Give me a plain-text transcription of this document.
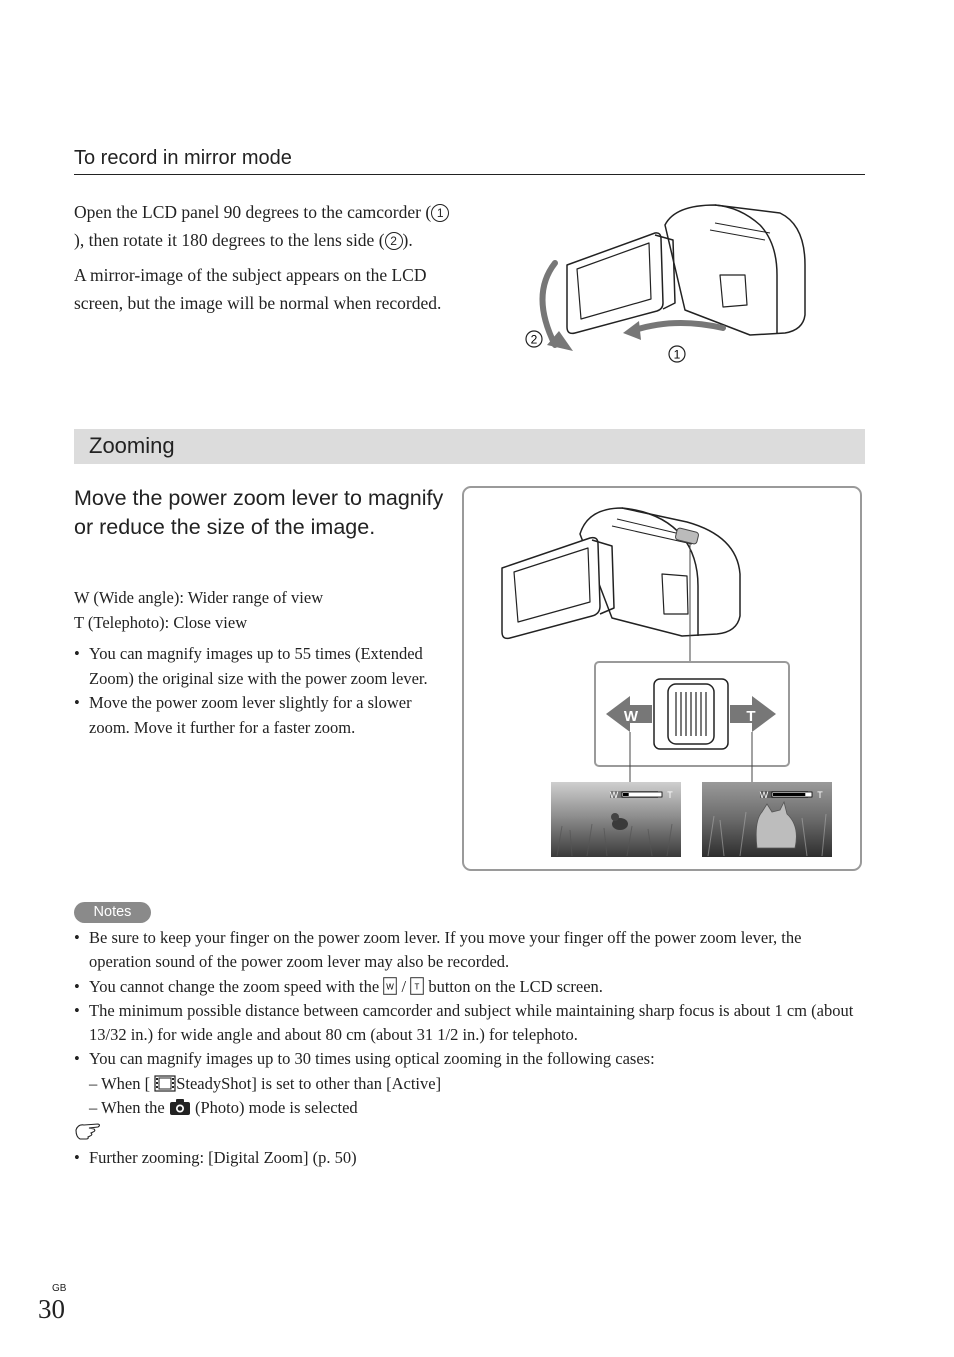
To record in mirror mode

Open the LCD panel 90 degrees to the camcorder ( 1), then rotate it 180 degrees to the lens side ( 2 ).

A mirror-image of the subject appears on the LCD screen, but the image will be normal when recorded.

2
1
Zooming
Move the power zoom lever to magnify or reduce the size of the image.
W (Wide angle): Wider range of view
T (Telephoto): Close view
• You can magnify images up to 55 times (Extended Zoom) the original size with the power zoom lever.
• Move the power zoom lever slightly for a slower zoom. Move it further for a faster zoom.
W	T
W	T	W	T
Notes
• Be sure to keep your finger on the power zoom lever. If you move your finger off the power zoom lever, the operation sound of the power zoom lever may also be recorded.
• You cannot change the zoom speed with the W / T button on the LCD screen.
• The minimum possible distance between camcorder and subject while maintaining sharp focus is about 1 cm (about 13/32 in.) for wide angle and about 80 cm (about 31 1/2 in.) for telephoto.
• You can magnify images up to 30 times using optical zooming in the following cases:
– When [ SteadyShot] is set to other than [Active]
– When the (Photo) mode is selected
• Further zooming: [Digital Zoom] (p. 50)
GB
30
